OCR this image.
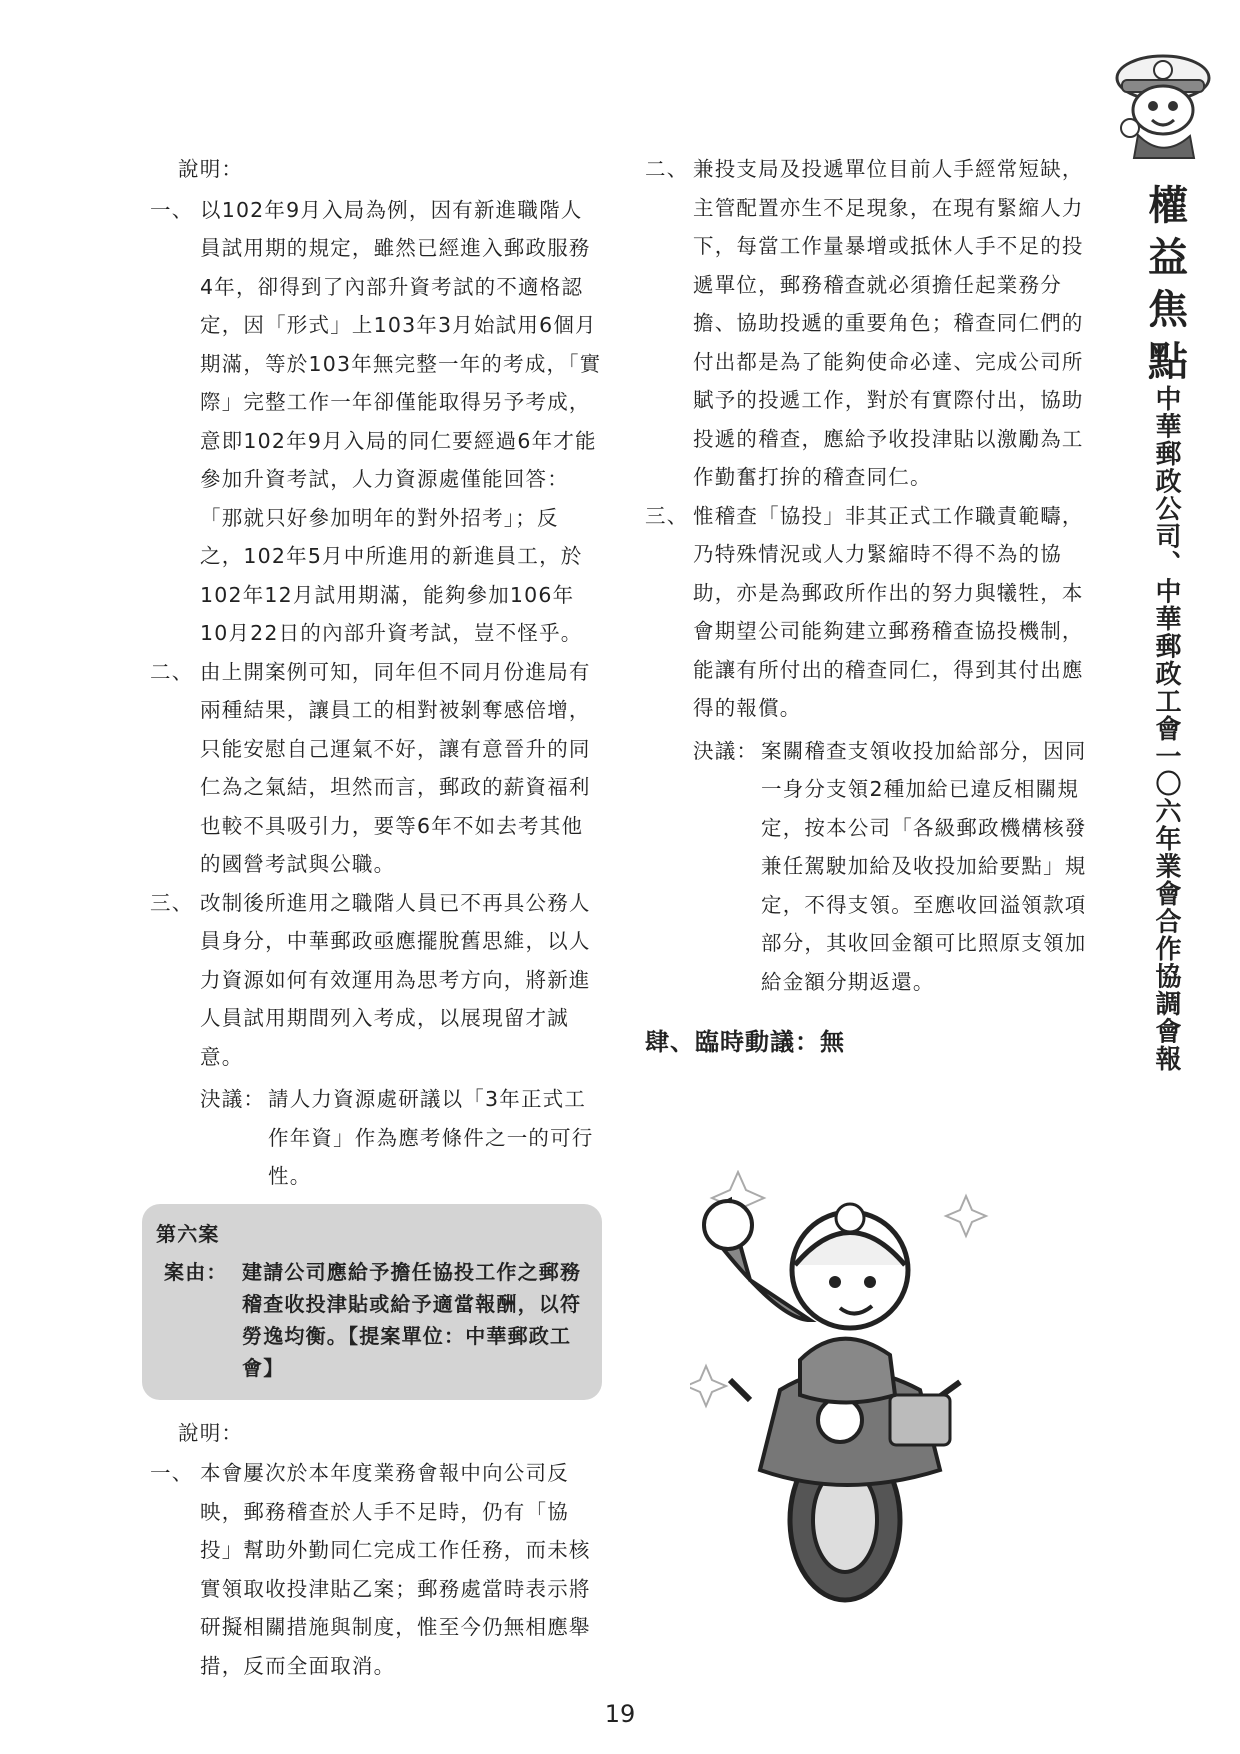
權
益
焦
點
中華郵政公司、中華郵政工會一〇六年業會合作協調會報
說明：
一、 以102年9月入局為例，因有新進職階人員試用期的規定，雖然已經進入郵政服務4年，卻得到了內部升資考試的不適格認定，因「形式」上103年3月始試用6個月期滿，等於103年無完整一年的考成，「實際」完整工作一年卻僅能取得另予考成，意即102年9月入局的同仁要經過6年才能參加升資考試，人力資源處僅能回答：「那就只好參加明年的對外招考」；反之，102年5月中所進用的新進員工，於102年12月試用期滿，能夠參加106年10月22日的內部升資考試，豈不怪乎。
二、 由上開案例可知，同年但不同月份進局有兩種結果，讓員工的相對被剝奪感倍增，只能安慰自己運氣不好，讓有意晉升的同仁為之氣結，坦然而言，郵政的薪資福利也較不具吸引力，要等6年不如去考其他的國營考試與公職。
三、 改制後所進用之職階人員已不再具公務人員身分，中華郵政亟應擺脫舊思維，以人力資源如何有效運用為思考方向，將新進人員試用期間列入考成，以展現留才誠意。
決議： 請人力資源處研議以「3年正式工作年資」作為應考條件之一的可行性。
第六案
案由： 建請公司應給予擔任協投工作之郵務稽查收投津貼或給予適當報酬，以符勞逸均衡。【提案單位：中華郵政工會】
說明：
一、 本會屢次於本年度業務會報中向公司反映，郵務稽查於人手不足時，仍有「協投」幫助外勤同仁完成工作任務，而未核實領取收投津貼乙案；郵務處當時表示將研擬相關措施與制度，惟至今仍無相應舉措，反而全面取消。
二、 兼投支局及投遞單位目前人手經常短缺，主管配置亦生不足現象，在現有緊縮人力下，每當工作量暴增或抵休人手不足的投遞單位，郵務稽查就必須擔任起業務分擔、協助投遞的重要角色；稽查同仁們的付出都是為了能夠使命必達、完成公司所賦予的投遞工作，對於有實際付出，協助投遞的稽查，應給予收投津貼以激勵為工作勤奮打拚的稽查同仁。
三、 惟稽查「協投」非其正式工作職責範疇，乃特殊情況或人力緊縮時不得不為的協助，亦是為郵政所作出的努力與犧牲，本會期望公司能夠建立郵務稽查協投機制，能讓有所付出的稽查同仁，得到其付出應得的報償。
決議： 案關稽查支領收投加給部分，因同一身分支領2種加給已違反相關規定，按本公司「各級郵政機構核發兼任駕駛加給及收投加給要點」規定，不得支領。至應收回溢領款項部分，其收回金額可比照原支領加給金額分期返還。
肆、臨時動議：無
19
